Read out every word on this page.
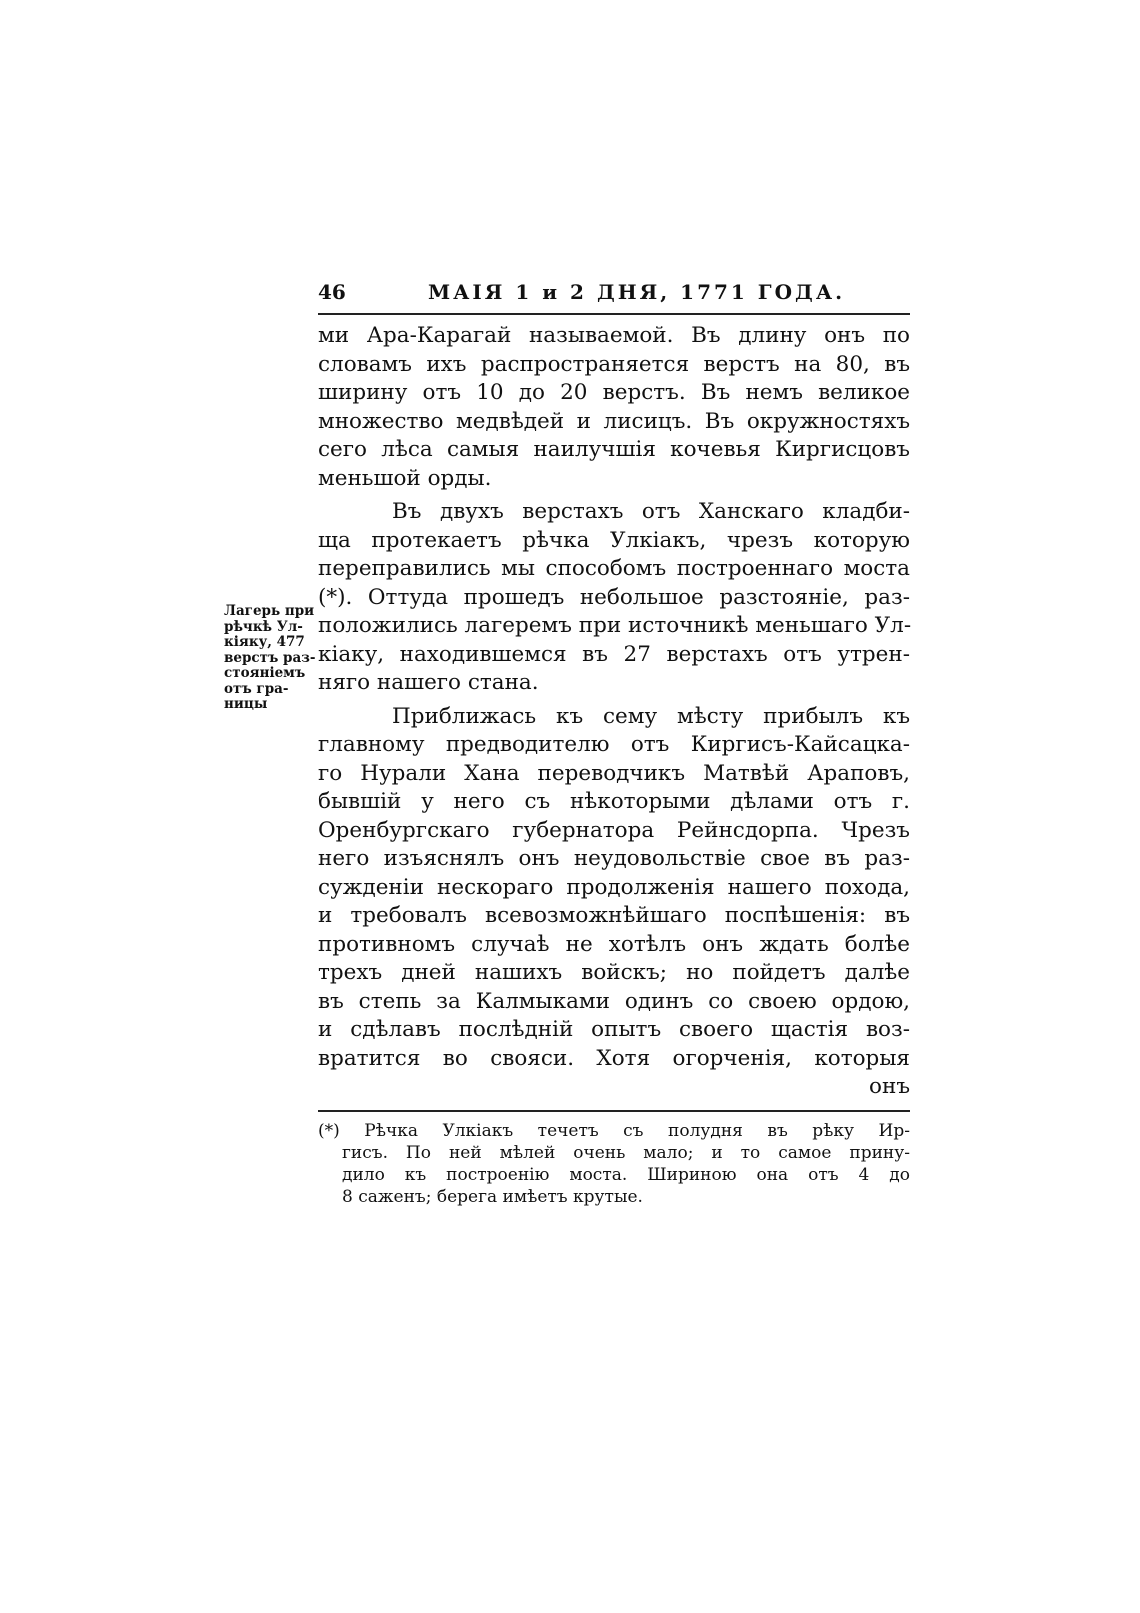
46	МАІЯ 1 и 2 ДНЯ, 1771 ГОДА.
ми Ара-Карагай называемой. Въ длину онъ по
словамъ ихъ распространяется верстъ на 80, въ
ширину отъ 10 до 20 верстъ. Въ немъ великое
множество медвѣдей и лисицъ. Въ окружностяхъ
сего лѣса самыя наилучшія кочевья Киргисцовъ
меньшой орды.
Въ двухъ верстахъ отъ Ханскаго кладби-
ща протекаетъ рѣчка Улкіакъ, чрезъ которую
переправились мы способомъ построеннаго моста
(*). Оттуда прошедъ небольшое разстояніе, раз-
положились лагеремъ при источникѣ меньшаго Ул-
кіаку, находившемся въ 27 верстахъ отъ утрен-
няго нашего стана.
Приближась къ сему мѣсту прибылъ къ
главному предводителю отъ Киргисъ-Кайсацка-
го Нурали Хана переводчикъ Матвѣй Араповъ,
бывшій у него съ нѣкоторыми дѣлами отъ г.
Оренбургскаго губернатора Рейнсдорпа. Чрезъ
него изъяснялъ онъ неудовольствіе свое въ раз-
сужденіи нескораго продолженія нашего похода,
и требовалъ всевозможнѣйшаго поспѣшенія: въ
противномъ случаѣ не хотѣлъ онъ ждать болѣе
трехъ дней нашихъ войскъ; но пойдетъ далѣе
въ степь за Калмыками одинъ со своею ордою,
и сдѣлавъ послѣдній опытъ своего щастія воз-
вратится во свояси. Хотя огорченія, которыя
онъ
Лагерь при
рѣчкѣ Ул-
кіяку, 477
верстъ раз-
стояніемъ
отъ гра-
ницы
(*) Рѣчка Улкіакъ течетъ съ полудня въ рѣку Ир-
гисъ. По ней мѣлей очень мало; и то самое прину-
дило къ построенію моста. Шириною она отъ 4 до
8 саженъ; берега имѣетъ крутые.
